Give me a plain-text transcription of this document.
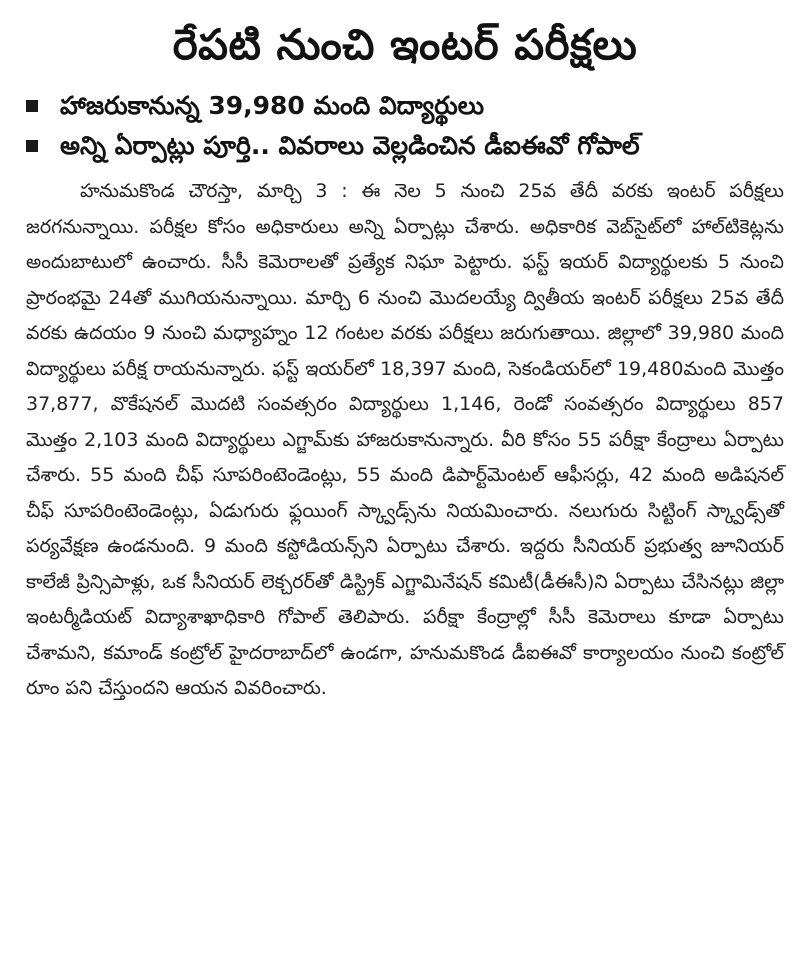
రేపటి నుంచి ఇంటర్ పరీక్షలు
హాజరుకానున్న 39,980 మంది విద్యార్థులు
అన్ని ఏర్పాట్లు పూర్తి.. వివరాలు వెల్లడించిన డీఐఈవో గోపాల్

హనుమకొండ చౌరస్తా, మార్చి 3 : ఈ నెల 5 నుంచి 25వ తేదీ వరకు ఇంటర్ పరీక్షలు జరగనున్నాయి. పరీక్షల కోసం అధికారులు అన్ని ఏర్పాట్లు చేశారు. అధికారిక వెబ్‌సైట్‌లో హాల్‌టికెట్లను అందుబాటులో ఉంచారు. సీసీ కెమెరాలతో ప్రత్యేక నిఘా పెట్టారు. ఫస్ట్ ఇయర్ విద్యార్థులకు 5 నుంచి ప్రారంభమై 24తో ముగియనున్నాయి. మార్చి 6 నుంచి మొదలయ్యే ద్వితీయ ఇంటర్ పరీక్షలు 25వ తేదీ వరకు ఉదయం 9 నుంచి మధ్యాహ్నం 12 గంటల వరకు పరీక్షలు జరుగుతాయి. జిల్లాలో 39,980 మంది విద్యార్థులు పరీక్ష రాయనున్నారు. ఫస్ట్ ఇయర్‌లో 18,397 మంది, సెకండియర్‌లో 19,480మంది మొత్తం 37,877, వొకేషనల్ మొదటి సంవత్సరం విద్యార్థులు 1,146, రెండో సంవత్సరం విద్యార్థులు 857 మొత్తం 2,103 మంది విద్యార్థులు ఎగ్జామ్‌కు హాజరుకానున్నారు. వీరి కోసం 55 పరీక్షా కేంద్రాలు ఏర్పాటు చేశారు. 55 మంది చీఫ్ సూపరింటెండెంట్లు, 55 మంది డిపార్ట్‌మెంటల్ ఆఫీసర్లు, 42 మంది అడిషనల్ చీఫ్ సూపరింటెండెంట్లు, ఏడుగురు ఫ్లయింగ్ స్క్వాడ్స్‌ను నియమించారు. నలుగురు సిట్టింగ్ స్క్వాడ్స్‌తో పర్యవేక్షణ ఉండనుంది. 9 మంది కస్టోడియన్స్‌ని ఏర్పాటు చేశారు. ఇద్దరు సీనియర్ ప్రభుత్వ జూనియర్ కాలేజీ ప్రిన్సిపాళ్లు, ఒక సీనియర్ లెక్చరర్‌తో డిస్ట్రిక్ ఎగ్జామినేషన్ కమిటీ(డీఈసీ)ని ఏర్పాటు చేసినట్లు జిల్లా ఇంటర్మీడియట్ విద్యాశాఖాధికారి గోపాల్ తెలిపారు. పరీక్షా కేంద్రాల్లో సీసీ కెమెరాలు కూడా ఏర్పాటు చేశామని, కమాండ్ కంట్రోల్ హైదరాబాద్‌లో ఉండగా, హనుమకొండ డీఐఈవో కార్యాలయం నుంచి కంట్రోల్ రూం పని చేస్తుందని ఆయన వివరించారు.
